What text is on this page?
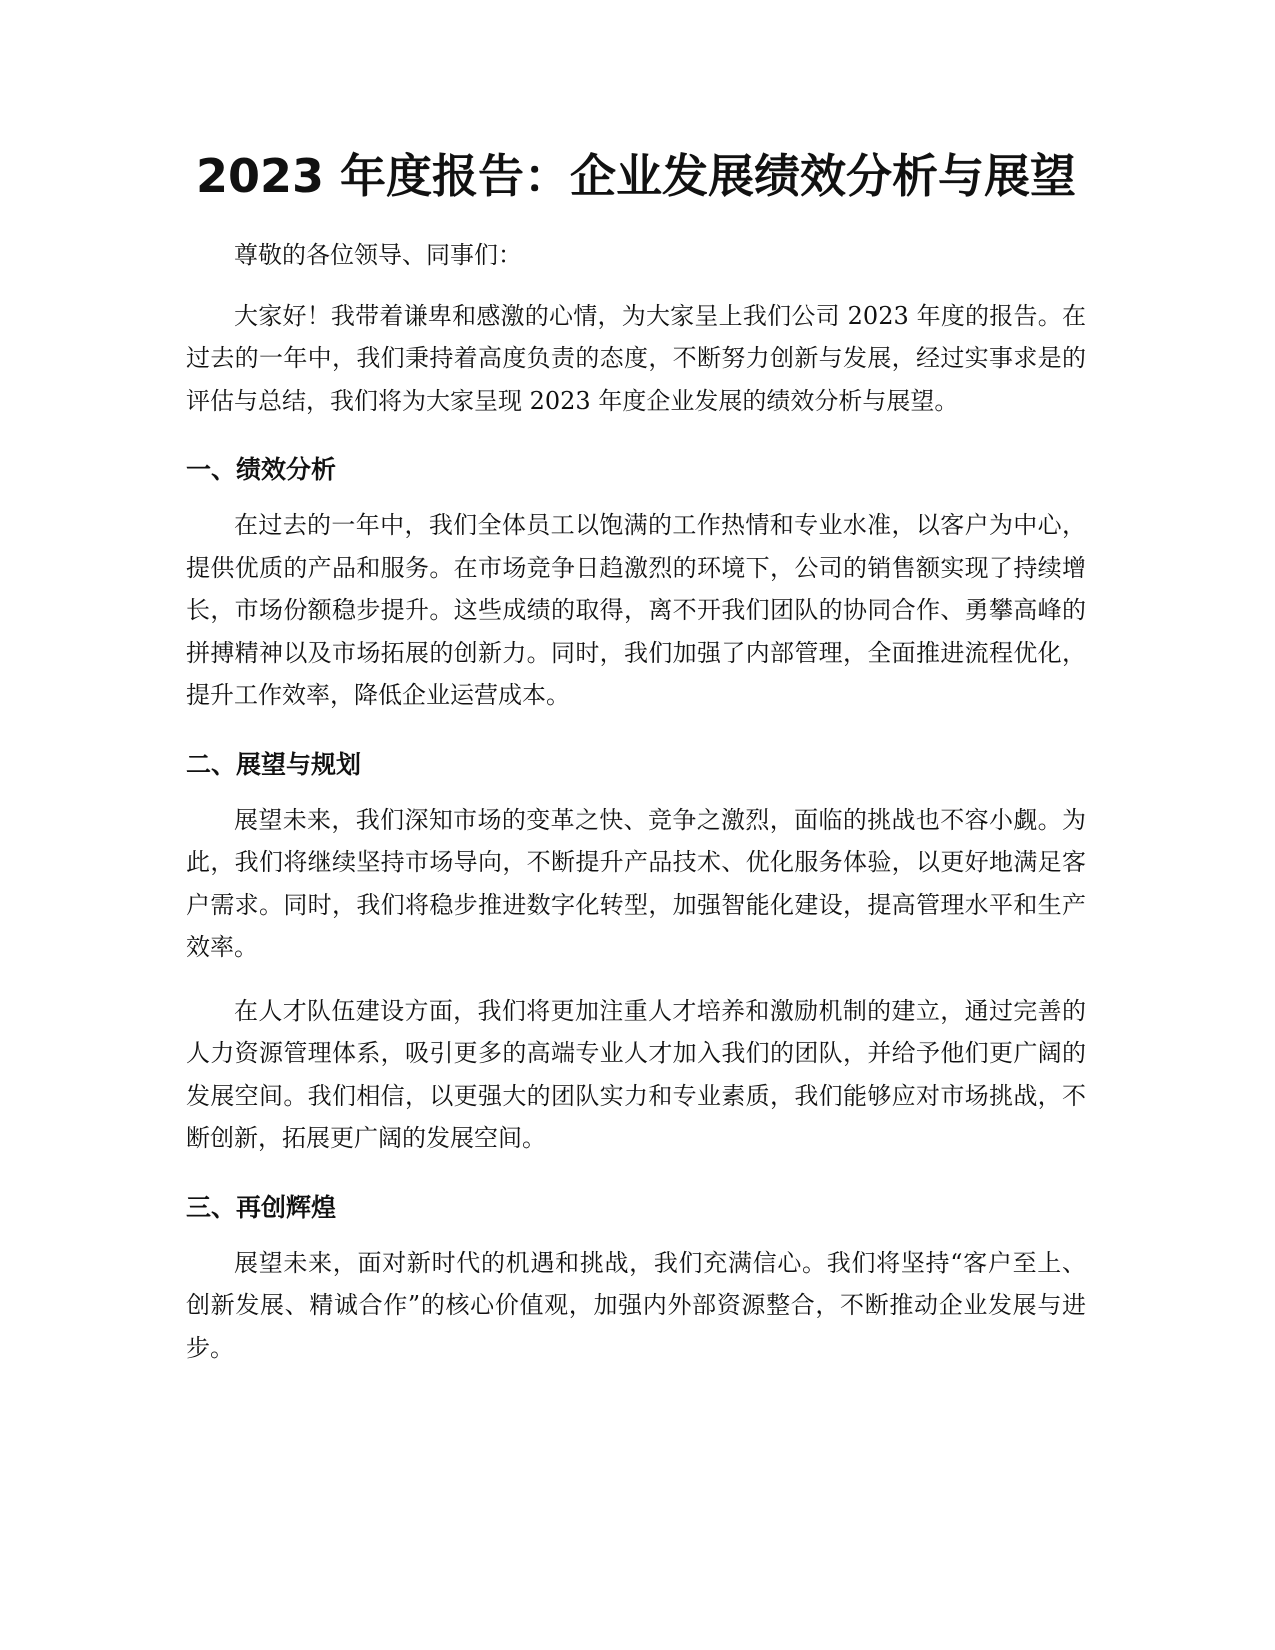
2023 年度报告：企业发展绩效分析与展望

尊敬的各位领导、同事们：

大家好！我带着谦卑和感激的心情，为大家呈上我们公司 2023 年度的报告。在过去的一年中，我们秉持着高度负责的态度，不断努力创新与发展，经过实事求是的评估与总结，我们将为大家呈现 2023 年度企业发展的绩效分析与展望。

一、绩效分析

在过去的一年中，我们全体员工以饱满的工作热情和专业水准，以客户为中心，提供优质的产品和服务。在市场竞争日趋激烈的环境下，公司的销售额实现了持续增长，市场份额稳步提升。这些成绩的取得，离不开我们团队的协同合作、勇攀高峰的拼搏精神以及市场拓展的创新力。同时，我们加强了内部管理，全面推进流程优化，提升工作效率，降低企业运营成本。

二、展望与规划

展望未来，我们深知市场的变革之快、竞争之激烈，面临的挑战也不容小觑。为此，我们将继续坚持市场导向，不断提升产品技术、优化服务体验，以更好地满足客户需求。同时，我们将稳步推进数字化转型，加强智能化建设，提高管理水平和生产效率。

在人才队伍建设方面，我们将更加注重人才培养和激励机制的建立，通过完善的人力资源管理体系，吸引更多的高端专业人才加入我们的团队，并给予他们更广阔的发展空间。我们相信，以更强大的团队实力和专业素质，我们能够应对市场挑战，不断创新，拓展更广阔的发展空间。

三、再创辉煌

展望未来，面对新时代的机遇和挑战，我们充满信心。我们将坚持“客户至上、创新发展、精诚合作”的核心价值观，加强内外部资源整合，不断推动企业发展与进步。
